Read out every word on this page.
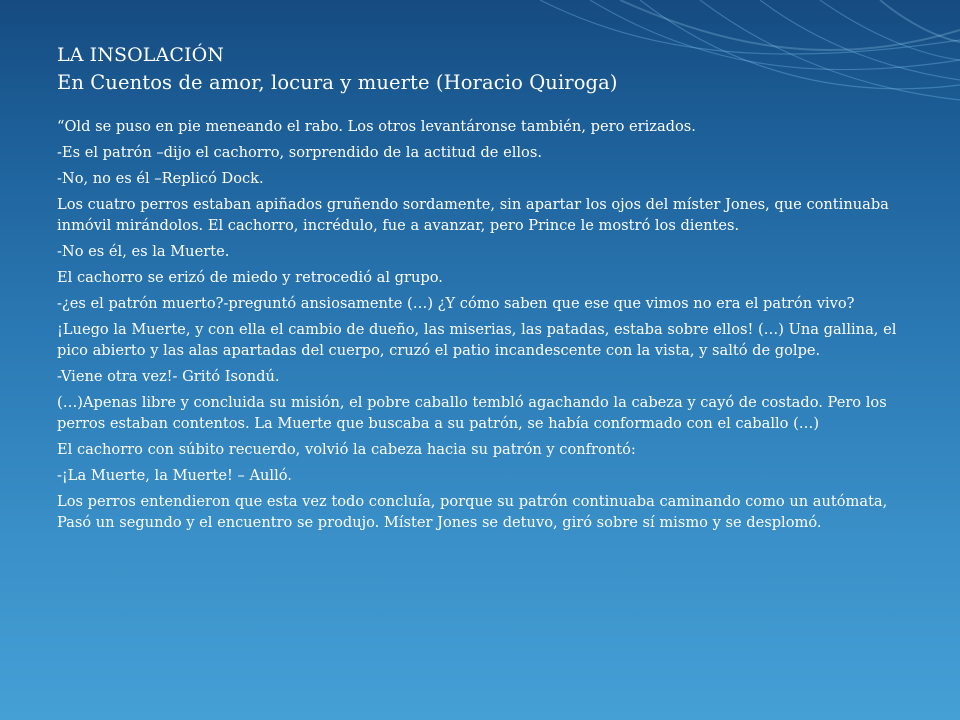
LA INSOLACIÓN

En Cuentos de amor, locura y muerte (Horacio Quiroga)

“Old se puso en pie meneando el rabo. Los otros levantáronse también, pero erizados.

-Es el patrón –dijo el cachorro, sorprendido de la actitud de ellos.

-No, no es él –Replicó Dock.

Los cuatro perros estaban apiñados gruñendo sordamente, sin apartar los ojos del míster Jones, que continuaba inmóvil mirándolos. El cachorro, incrédulo, fue a avanzar, pero Prince le mostró los dientes.

-No es él, es la Muerte.

El cachorro se erizó de miedo y retrocedió al grupo.

-¿es el patrón muerto?-preguntó ansiosamente (…) ¿Y cómo saben que ese que vimos no era el patrón vivo?

¡Luego la Muerte, y con ella el cambio de dueño, las miserias, las patadas, estaba sobre ellos! (…) Una gallina, el pico abierto y las alas apartadas del cuerpo, cruzó el patio incandescente con la vista, y saltó de golpe.

-Viene otra vez!- Gritó Isondú.

(…)Apenas libre y concluida su misión, el pobre caballo tembló agachando la cabeza y cayó de costado. Pero los perros estaban contentos. La Muerte que buscaba a su patrón, se había conformado con el caballo (…)

El cachorro con súbito recuerdo, volvió la cabeza hacia su patrón y confrontó:

-¡La Muerte, la Muerte! – Aulló.

Los perros entendieron que esta vez todo concluía, porque su patrón continuaba caminando como un autómata, Pasó un segundo y el encuentro se produjo. Míster Jones se detuvo, giró sobre sí mismo y se desplomó.
